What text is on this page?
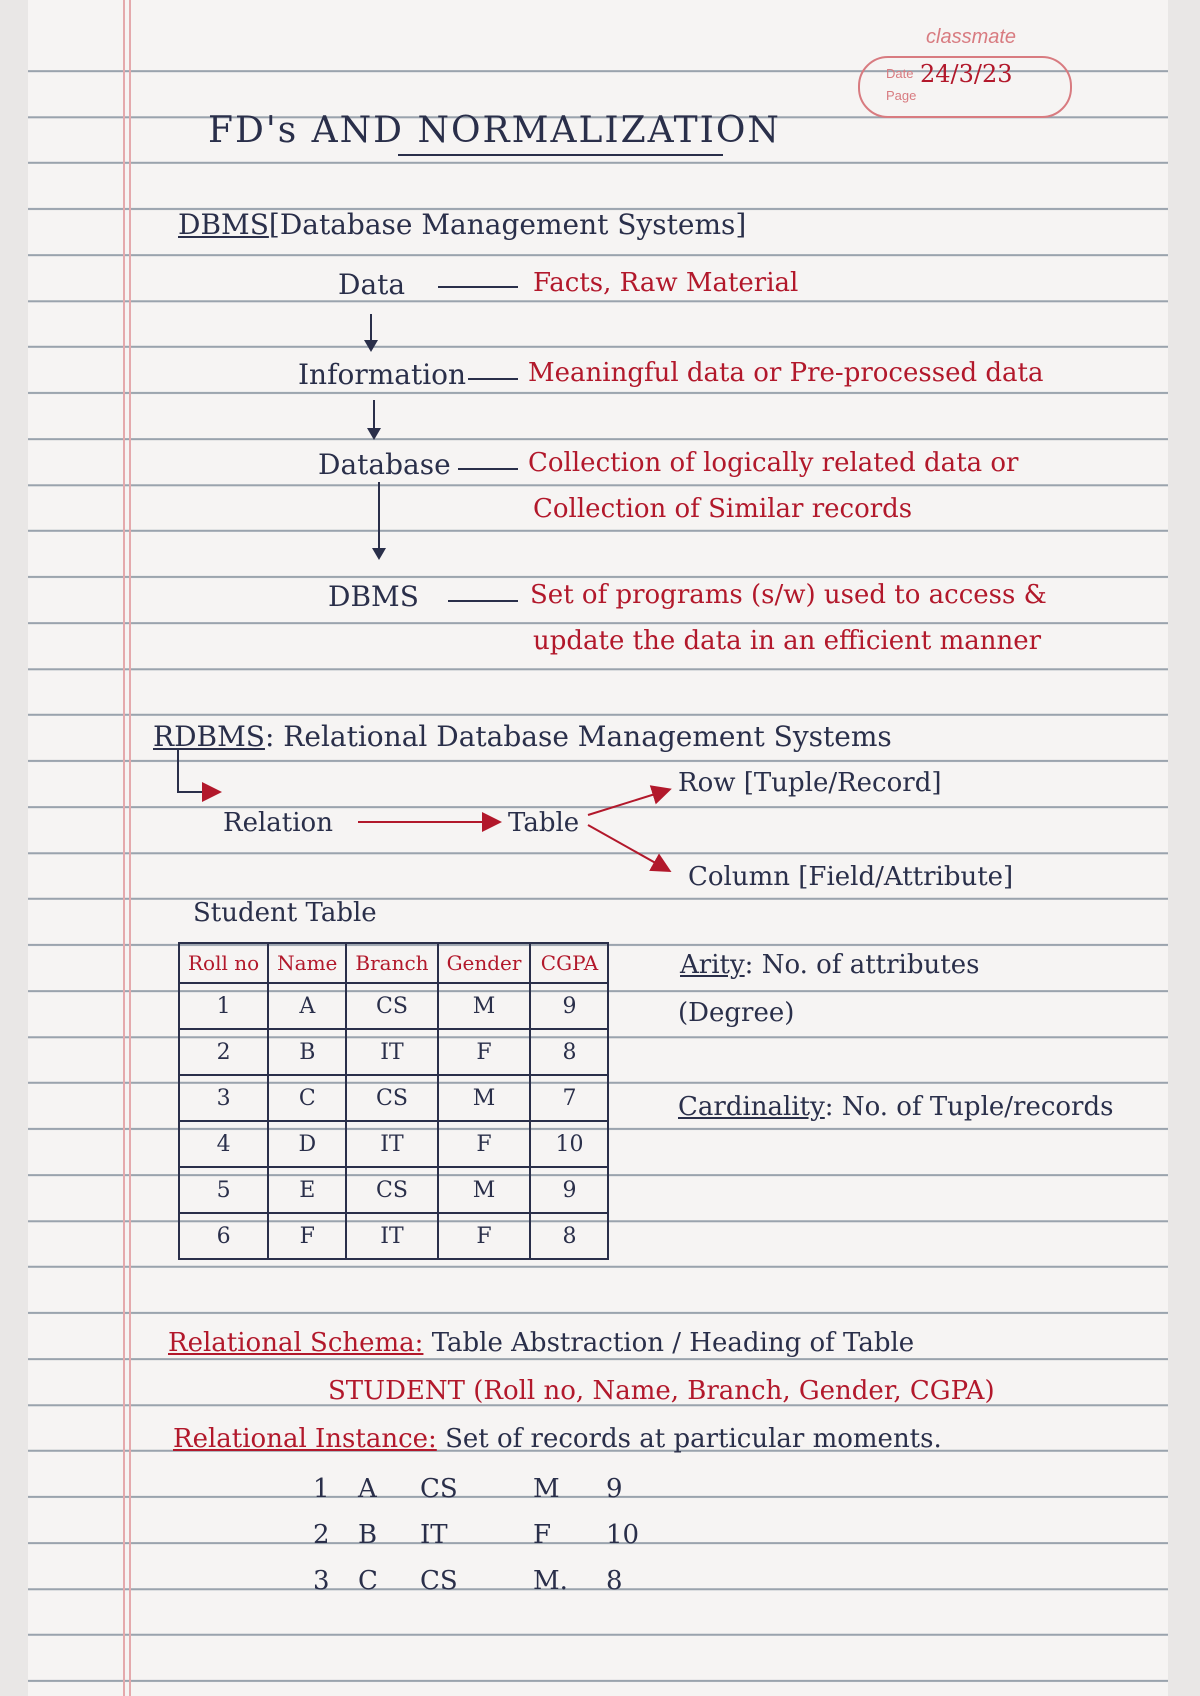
classmate
Date
Page
24/3/23
FD's AND NORMALIZATION
DBMS[Database Management Systems]
Data	Facts, Raw Material
Information Meaningful data or Pre-processed data
Database	Collection of logically related data or
Collection of Similar records
DBMS	Set of programs (s/w) used to access &
update the data in an efficient manner
RDBMS: Relational Database Management Systems
Relation	Table
Row [Tuple/Record]
Column [Field/Attribute]
Student Table
Roll no	Name	Branch	Gender	CGPA
1	A	CS	M	9
2	B	IT	F	8
3	C	CS	M	7
4	D	IT	F	10
5	E	CS	M	9
6	F	IT	F	8
Arity: No. of attributes
(Degree)
Cardinality: No. of Tuple/records
Relational Schema: Table Abstraction / Heading of Table
STUDENT (Roll no, Name, Branch, Gender, CGPA)
Relational Instance: Set of records at particular moments.
1 A CS	M 9
2 B IT	F 10
3 C CS	M. 8
